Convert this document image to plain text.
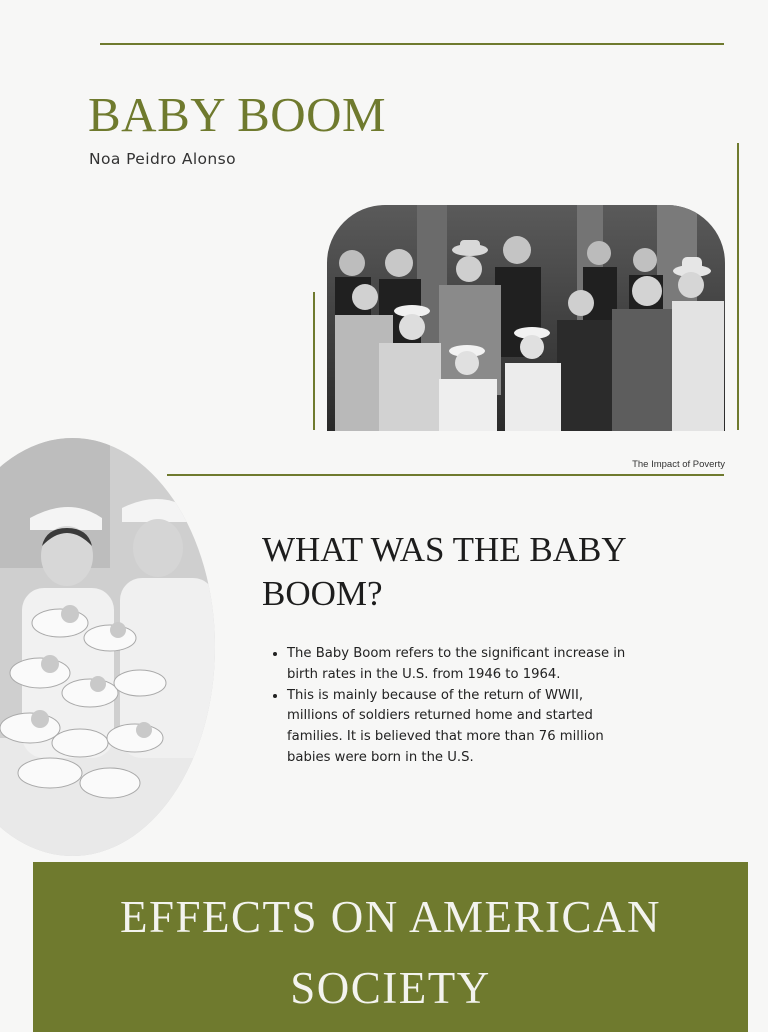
BABY BOOM

Noa Peidro Alonso

The Impact of Poverty

WHAT WAS THE BABY BOOM?
• The Baby Boom refers to the significant increase in birth rates in the U.S. from 1946 to 1964.
• This is mainly because of the return of WWII, millions of soldiers returned home and started families. It is believed that more than 76 million babies were born in the U.S.
EFFECTS ON AMERICAN SOCIETY
